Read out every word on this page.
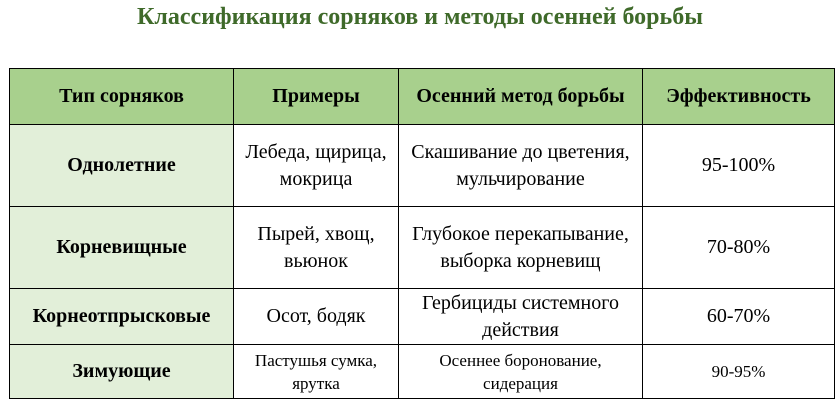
Классификация сорняков и методы осенней борьбы
Тип сорняков	Примеры	Осенний метод борьбы	Эффективность
Однолетние	Лебеда, щирица, мокрица	Скашивание до цветения, мульчирование	95-100%
Корневищные	Пырей, хвощ, вьюнок	Глубокое перекапывание, выборка корневищ	70-80%
Корнеотпрысковые	Осот, бодяк	Гербициды системного действия	60-70%
Зимующие	Пастушья сумка, ярутка	Осеннее боронование, сидерация	90-95%
